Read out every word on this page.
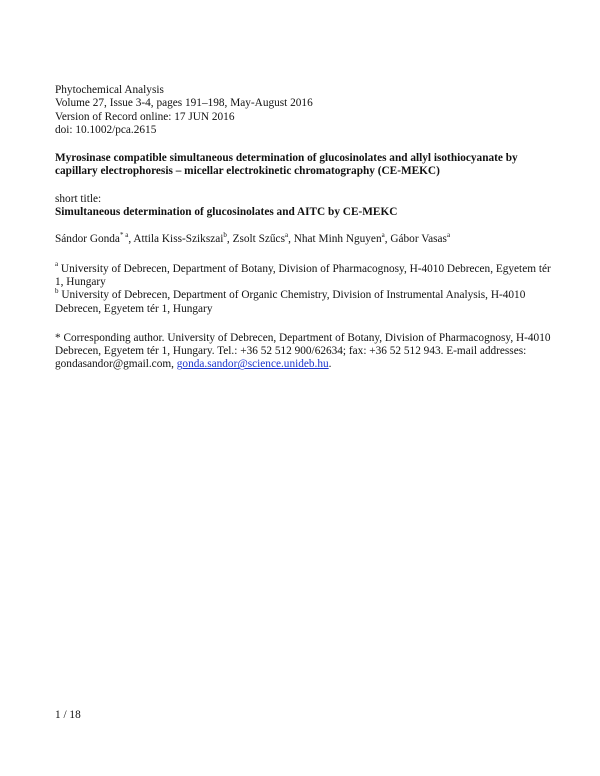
Phytochemical Analysis
Volume 27, Issue 3-4, pages 191–198, May-August 2016
Version of Record online: 17 JUN 2016
doi: 10.1002/pca.2615
Myrosinase compatible simultaneous determination of glucosinolates and allyl isothiocyanate by capillary electrophoresis – micellar electrokinetic chromatography (CE-MEKC)
short title:
Simultaneous determination of glucosinolates and AITC by CE-MEKC
Sándor Gonda$^{* a}$, Attila Kiss-Szikszai$^b$, Zsolt Szűcs$^a$, Nhat Minh Nguyen$^a$, Gábor Vasas$^a$
$^a$ University of Debrecen, Department of Botany, Division of Pharmacognosy, H-4010 Debrecen, Egyetem tér 1, Hungary
$^b$ University of Debrecen, Department of Organic Chemistry, Division of Instrumental Analysis, H-4010 Debrecen, Egyetem tér 1, Hungary
* Corresponding author. University of Debrecen, Department of Botany, Division of Pharmacognosy, H-4010 Debrecen, Egyetem tér 1, Hungary. Tel.: +36 52 512 900/62634; fax: +36 52 512 943. E-mail addresses: gondasandor@gmail.com, gonda.sandor@science.unideb.hu.
1 / 18
